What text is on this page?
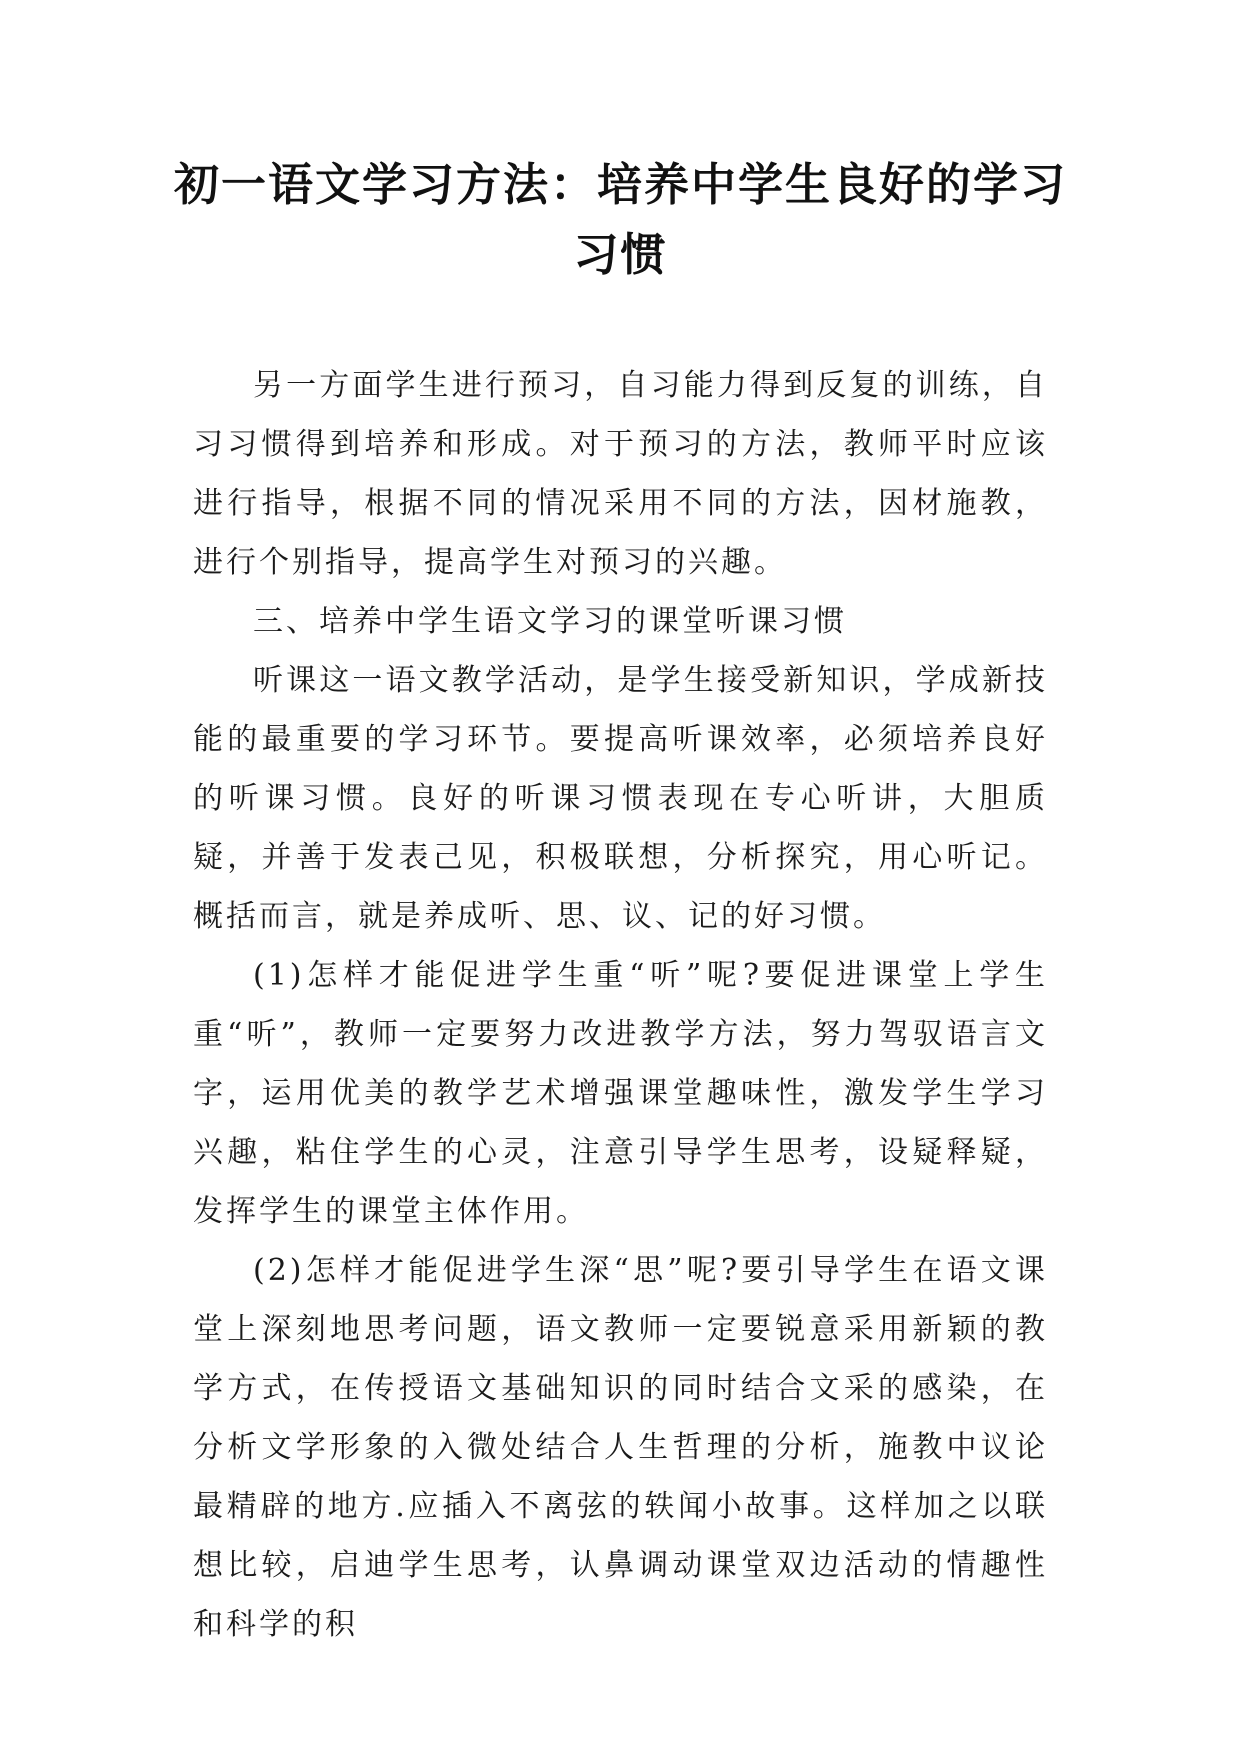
初一语文学习方法：培养中学生良好的学习习惯

另一方面学生进行预习，自习能力得到反复的训练，自习习惯得到培养和形成。对于预习的方法，教师平时应该进行指导，根据不同的情况采用不同的方法，因材施教，进行个别指导，提高学生对预习的兴趣。

三、培养中学生语文学习的课堂听课习惯

听课这一语文教学活动，是学生接受新知识，学成新技能的最重要的学习环节。要提高听课效率，必须培养良好的听课习惯。良好的听课习惯表现在专心听讲，大胆质疑，并善于发表己见，积极联想，分析探究，用心听记。概括而言，就是养成听、思、议、记的好习惯。

(1)怎样才能促进学生重“听”呢?要促进课堂上学生重“听”，教师一定要努力改进教学方法，努力驾驭语言文字，运用优美的教学艺术增强课堂趣味性，激发学生学习兴趣，粘住学生的心灵，注意引导学生思考，设疑释疑，发挥学生的课堂主体作用。

(2)怎样才能促进学生深“思”呢?要引导学生在语文课堂上深刻地思考问题，语文教师一定要锐意采用新颖的教学方式，在传授语文基础知识的同时结合文采的感染，在分析文学形象的入微处结合人生哲理的分析，施教中议论最精辟的地方.应插入不离弦的轶闻小故事。这样加之以联想比较，启迪学生思考，认鼻调动课堂双边活动的情趣性和科学的积
